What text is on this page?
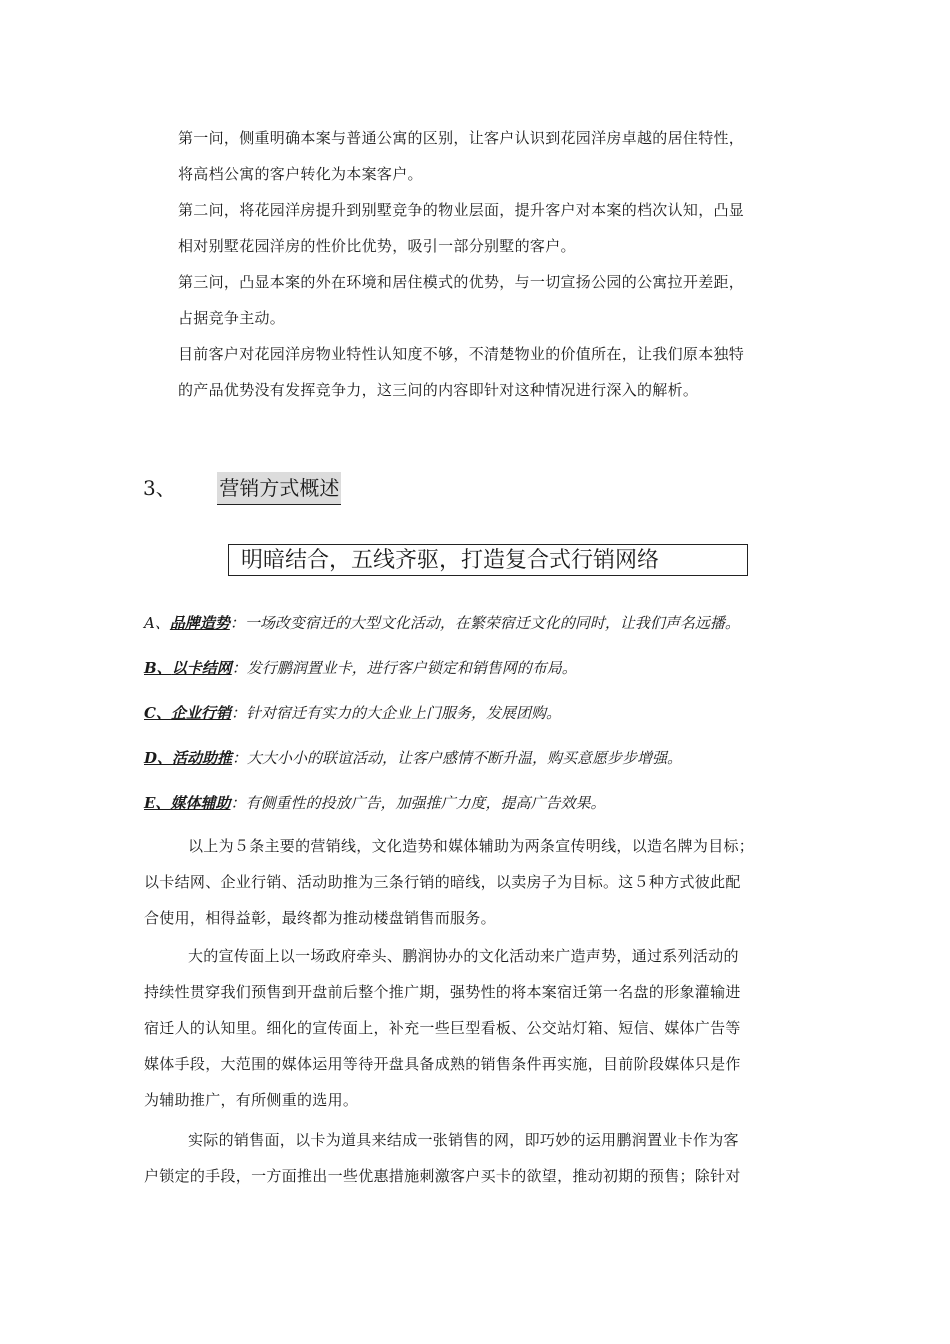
第一问，侧重明确本案与普通公寓的区别，让客户认识到花园洋房卓越的居住特性，
将高档公寓的客户转化为本案客户。
第二问，将花园洋房提升到别墅竞争的物业层面，提升客户对本案的档次认知，凸显
相对别墅花园洋房的性价比优势，吸引一部分别墅的客户。
第三问，凸显本案的外在环境和居住模式的优势，与一切宣扬公园的公寓拉开差距，
占据竞争主动。
目前客户对花园洋房物业特性认知度不够，不清楚物业的价值所在，让我们原本独特
的产品优势没有发挥竞争力，这三问的内容即针对这种情况进行深入的解析。
3、 营销方式概述
明暗结合，五线齐驱，打造复合式行销网络
A、品牌造势：一场改变宿迁的大型文化活动，在繁荣宿迁文化的同时，让我们声名远播。
B、以卡结网：发行鹏润置业卡，进行客户锁定和销售网的布局。
C、企业行销：针对宿迁有实力的大企业上门服务，发展团购。
D、活动助推：大大小小的联谊活动，让客户感情不断升温，购买意愿步步增强。
E、媒体辅助：有侧重性的投放广告，加强推广力度，提高广告效果。
以上为５条主要的营销线，文化造势和媒体辅助为两条宣传明线，以造名牌为目标；
以卡结网、企业行销、活动助推为三条行销的暗线，以卖房子为目标。这５种方式彼此配
合使用，相得益彰，最终都为推动楼盘销售而服务。
大的宣传面上以一场政府牵头、鹏润协办的文化活动来广造声势，通过系列活动的
持续性贯穿我们预售到开盘前后整个推广期，强势性的将本案宿迁第一名盘的形象灌输进
宿迁人的认知里。细化的宣传面上，补充一些巨型看板、公交站灯箱、短信、媒体广告等
媒体手段，大范围的媒体运用等待开盘具备成熟的销售条件再实施，目前阶段媒体只是作
为辅助推广，有所侧重的选用。
实际的销售面，以卡为道具来结成一张销售的网，即巧妙的运用鹏润置业卡作为客
户锁定的手段，一方面推出一些优惠措施刺激客户买卡的欲望，推动初期的预售；除针对
